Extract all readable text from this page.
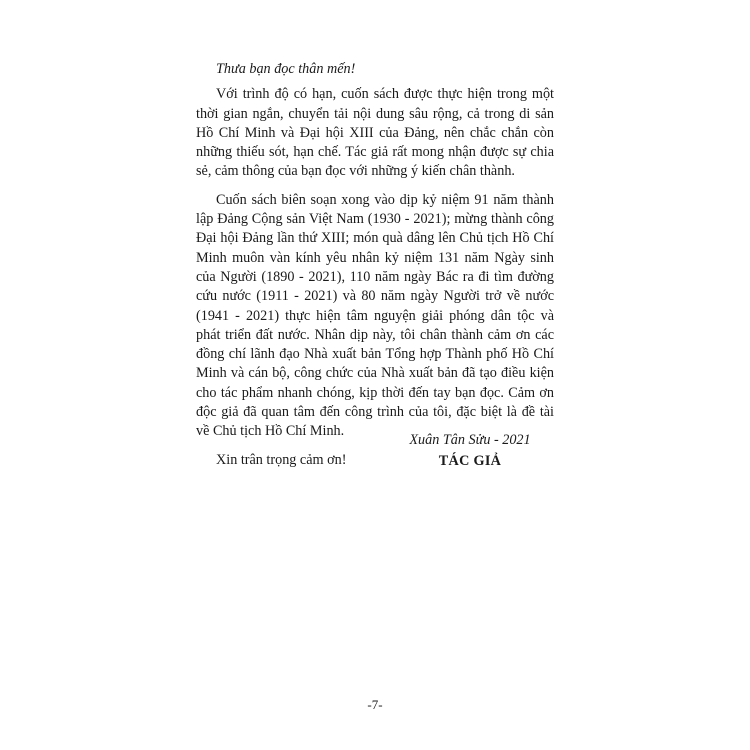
Thưa bạn đọc thân mến!

Với trình độ có hạn, cuốn sách được thực hiện trong một thời gian ngắn, chuyển tải nội dung sâu rộng, cả trong di sản Hồ Chí Minh và Đại hội XIII của Đảng, nên chắc chắn còn những thiếu sót, hạn chế. Tác giả rất mong nhận được sự chia sẻ, cảm thông của bạn đọc với những ý kiến chân thành.

Cuốn sách biên soạn xong vào dịp kỷ niệm 91 năm thành lập Đảng Cộng sản Việt Nam (1930 - 2021); mừng thành công Đại hội Đảng lần thứ XIII; món quà dâng lên Chủ tịch Hồ Chí Minh muôn vàn kính yêu nhân kỷ niệm 131 năm Ngày sinh của Người (1890 - 2021), 110 năm ngày Bác ra đi tìm đường cứu nước (1911 - 2021) và 80 năm ngày Người trở về nước (1941 - 2021) thực hiện tâm nguyện giải phóng dân tộc và phát triển đất nước. Nhân dịp này, tôi chân thành cảm ơn các đồng chí lãnh đạo Nhà xuất bản Tổng hợp Thành phố Hồ Chí Minh và cán bộ, công chức của Nhà xuất bản đã tạo điều kiện cho tác phẩm nhanh chóng, kịp thời đến tay bạn đọc. Cảm ơn độc giả đã quan tâm đến công trình của tôi, đặc biệt là đề tài về Chủ tịch Hồ Chí Minh.

Xin trân trọng cảm ơn!

Xuân Tân Sửu - 2021
TÁC GIẢ
-7-
